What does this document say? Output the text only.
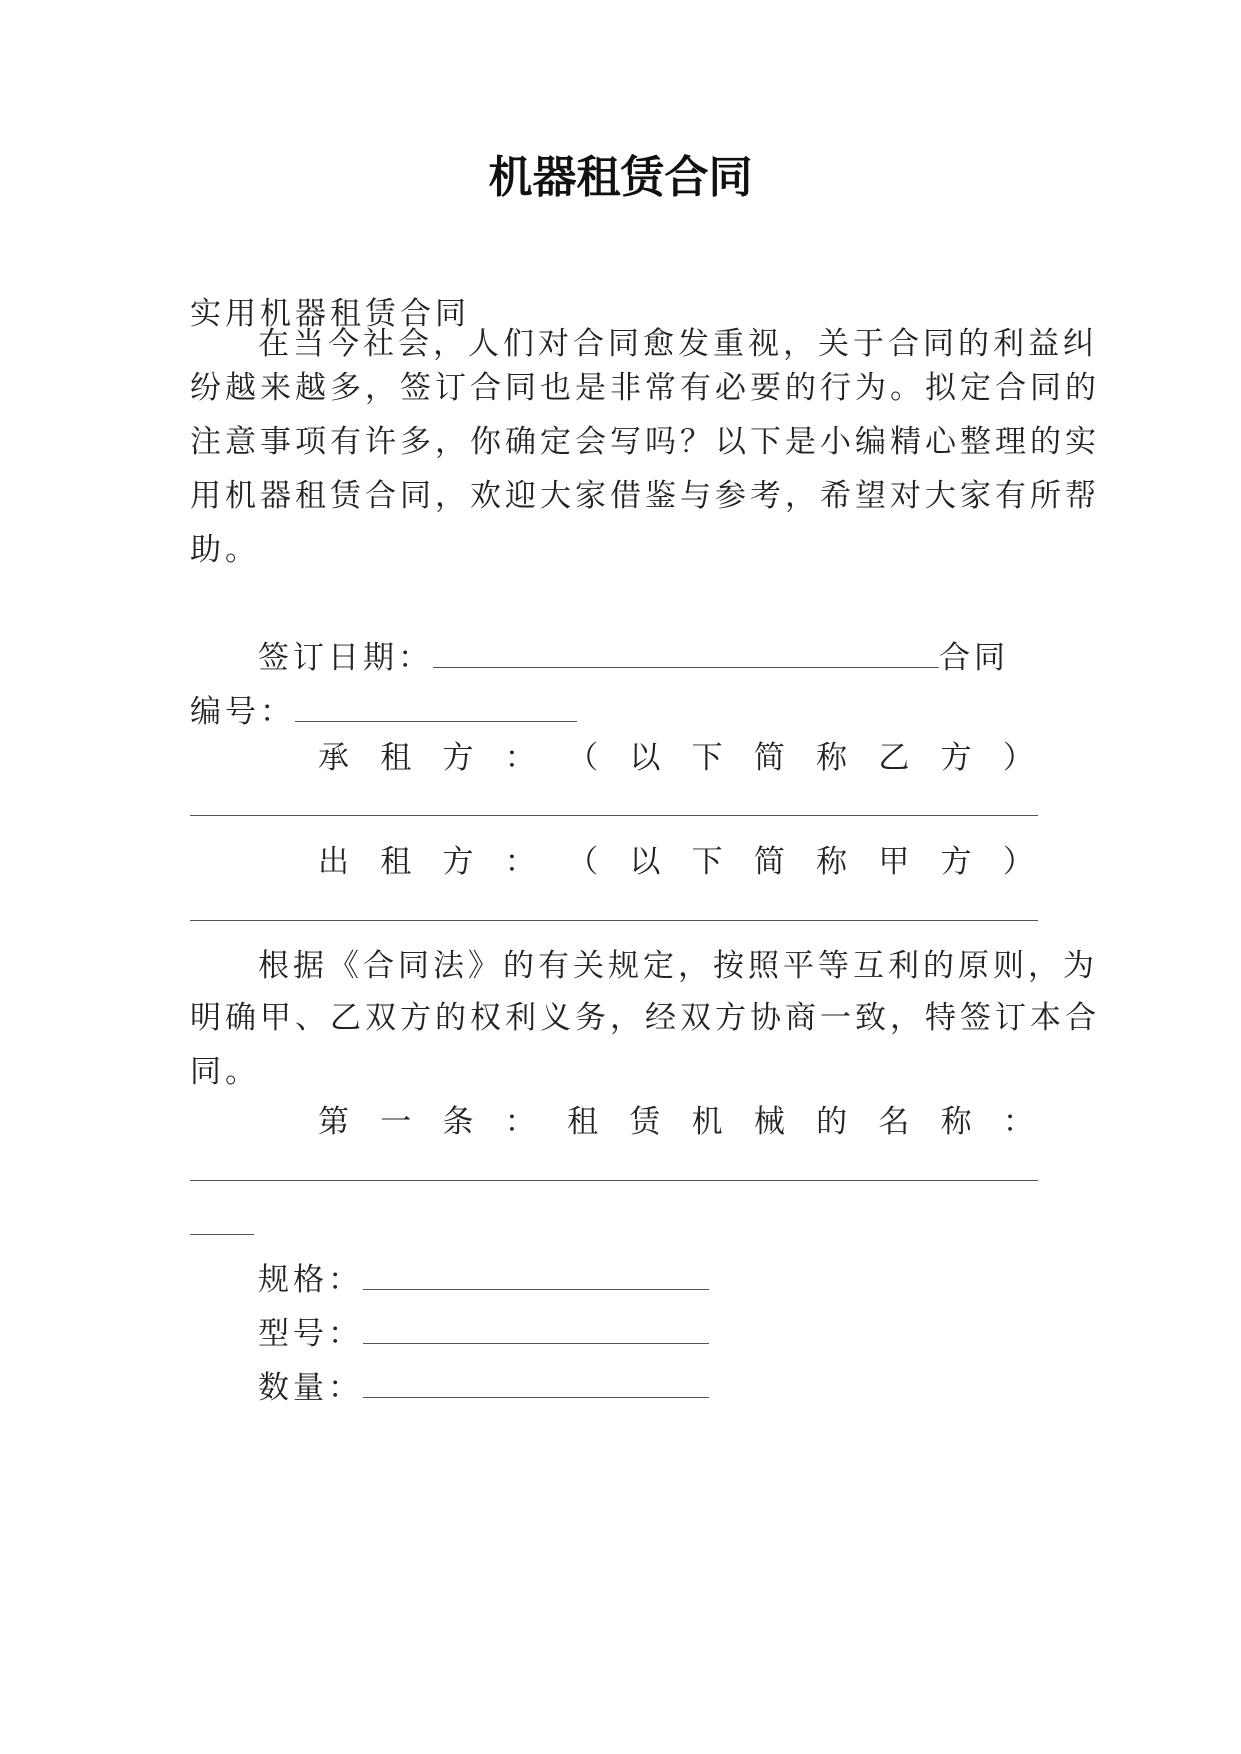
机器租赁合同
实用机器租赁合同
在当今社会，人们对合同愈发重视，关于合同的利益纠
纷越来越多，签订合同也是非常有必要的行为。拟定合同的
注意事项有许多，你确定会写吗？以下是小编精心整理的实
用机器租赁合同，欢迎大家借鉴与参考，希望对大家有所帮
助。
签订日期：	合同
编号：
承 租 方 ： （ 以 下 简 称 乙 方 ）
出 租 方 ： （ 以 下 简 称 甲 方 ）
根据《合同法》的有关规定，按照平等互利的原则，为
明确甲、乙双方的权利义务，经双方协商一致，特签订本合
同。
第 一 条 ： 租 赁 机 械 的 名 称 ：
规格：
型号：
数量：
